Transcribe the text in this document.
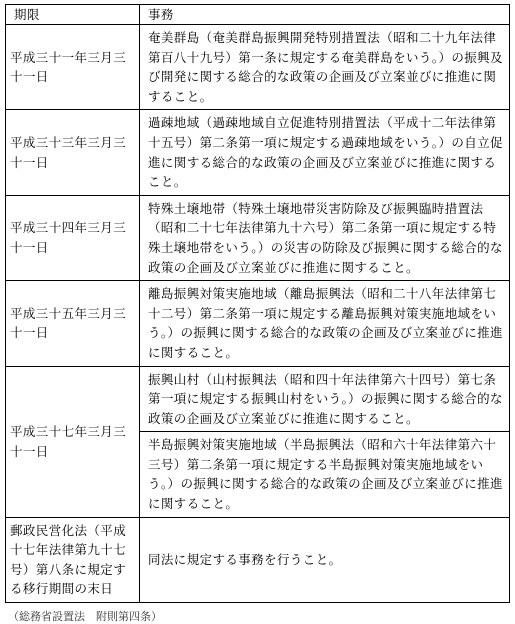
期限	事務
平成三十一年三月三十一日	奄美群島（奄美群島振興開発特別措置法（昭和二十九年法律第百八十九号）第一条に規定する奄美群島をいう。）の振興及び開発に関する総合的な政策の企画及び立案並びに推進に関すること。
平成三十三年三月三十一日	過疎地域（過疎地域自立促進特別措置法（平成十二年法律第十五号）第二条第一項に規定する過疎地域をいう。）の自立促進に関する総合的な政策の企画及び立案並びに推進に関すること。
平成三十四年三月三十一日	特殊土壌地帯（特殊土壌地帯災害防除及び振興臨時措置法（昭和二十七年法律第九十六号）第二条第一項に規定する特殊土壌地帯をいう。）の災害の防除及び振興に関する総合的な政策の企画及び立案並びに推進に関すること。
平成三十五年三月三十一日	離島振興対策実施地域（離島振興法（昭和二十八年法律第七十二号）第二条第一項に規定する離島振興対策実施地域をいう。）の振興に関する総合的な政策の企画及び立案並びに推進に関すること。
平成三十七年三月三十一日	振興山村（山村振興法（昭和四十年法律第六十四号）第七条第一項に規定する振興山村をいう。）の振興に関する総合的な政策の企画及び立案並びに推進に関すること。
	半島振興対策実施地域（半島振興法（昭和六十年法律第六十三号）第二条第一項に規定する半島振興対策実施地域をいう。）の振興に関する総合的な政策の企画及び立案並びに推進に関すること。
郵政民営化法（平成十七年法律第九十七号）第八条に規定する移行期間の末日	同法に規定する事務を行うこと。
（総務省設置法　附則第四条）
